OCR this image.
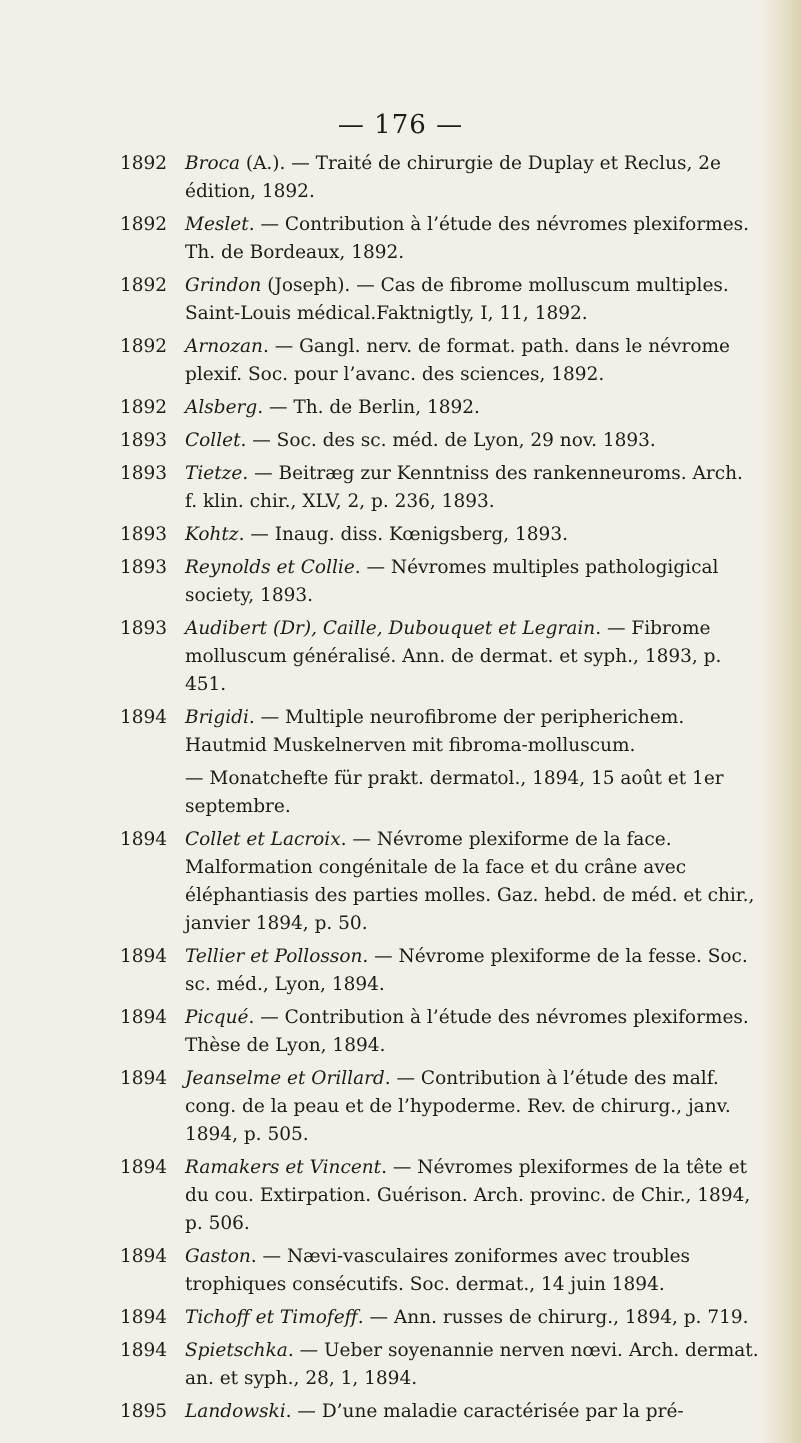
— 176 —
1892 Broca (A.). — Traité de chirurgie de Duplay et Reclus, 2e édition, 1892.
1892 Meslet. — Contribution à l’étude des névromes plexiformes. Th. de Bordeaux, 1892.
1892 Grindon (Joseph). — Cas de fibrome molluscum multiples. Saint-Louis médical.Faktnigtly, I, 11, 1892.
1892 Arnozan. — Gangl. nerv. de format. path. dans le névrome plexif. Soc. pour l’avanc. des sciences, 1892.
1892 Alsberg. — Th. de Berlin, 1892.
1893 Collet. — Soc. des sc. méd. de Lyon, 29 nov. 1893.
1893 Tietze. — Beitræg zur Kenntniss des rankenneuroms. Arch. f. klin. chir., XLV, 2, p. 236, 1893.
1893 Kohtz. — Inaug. diss. Kœnigsberg, 1893.
1893 Reynolds et Collie. — Névromes multiples pathologigical society, 1893.
1893 Audibert (Dr), Caille, Dubouquet et Legrain. — Fibrome molluscum généralisé. Ann. de dermat. et syph., 1893, p. 451.
1894 Brigidi. — Multiple neurofibrome der peripherichem. Hautmid Muskelnerven mit fibroma-molluscum.
— Monatchefte für prakt. dermatol., 1894, 15 août et 1er septembre.
1894 Collet et Lacroix. — Névrome plexiforme de la face. Malformation congénitale de la face et du crâne avec éléphantiasis des parties molles. Gaz. hebd. de méd. et chir., janvier 1894, p. 50.
1894 Tellier et Pollosson. — Névrome plexiforme de la fesse. Soc. sc. méd., Lyon, 1894.
1894 Picqué. — Contribution à l’étude des névromes plexiformes. Thèse de Lyon, 1894.
1894 Jeanselme et Orillard. — Contribution à l’étude des malf. cong. de la peau et de l’hypoderme. Rev. de chirurg., janv. 1894, p. 505.
1894 Ramakers et Vincent. — Névromes plexiformes de la tête et du cou. Extirpation. Guérison. Arch. provinc. de Chir., 1894, p. 506.
1894 Gaston. — Nævi-vasculaires zoniformes avec troubles trophiques consécutifs. Soc. dermat., 14 juin 1894.
1894 Tichoff et Timofeff. — Ann. russes de chirurg., 1894, p. 719.
1894 Spietschka. — Ueber soyenannie nerven nœvi. Arch. dermat. an. et syph., 28, 1, 1894.
1895 Landowski. — D’une maladie caractérisée par la pré-
